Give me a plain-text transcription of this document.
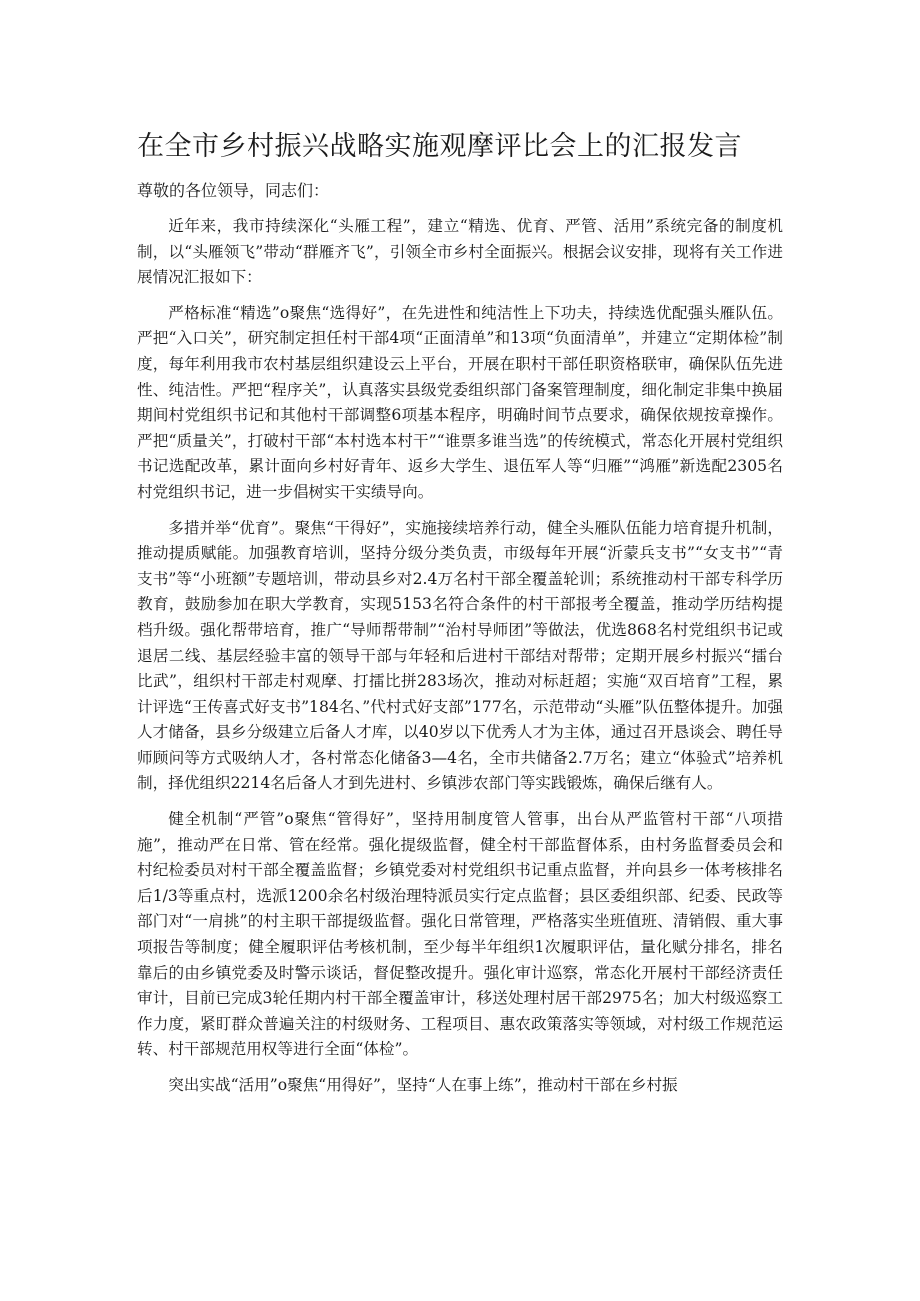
在全市乡村振兴战略实施观摩评比会上的汇报发言

尊敬的各位领导，同志们：

近年来，我市持续深化“头雁工程”，建立“精选、优育、严管、活用”系统完备的制度机制，以“头雁领飞”带动“群雁齐飞”，引领全市乡村全面振兴。根据会议安排，现将有关工作进展情况汇报如下：

严格标准“精选”o聚焦“选得好”，在先进性和纯洁性上下功夫，持续选优配强头雁队伍。严把“入口关”，研究制定担任村干部4项“正面清单”和13项“负面清单”，并建立“定期体检”制度，每年利用我市农村基层组织建设云上平台，开展在职村干部任职资格联审，确保队伍先进性、纯洁性。严把“程序关”，认真落实县级党委组织部门备案管理制度，细化制定非集中换届期间村党组织书记和其他村干部调整6项基本程序，明确时间节点要求，确保依规按章操作。严把“质量关”，打破村干部“本村选本村干”“谁票多谁当选”的传统模式，常态化开展村党组织书记选配改革，累计面向乡村好青年、返乡大学生、退伍军人等“归雁”“鸿雁”新选配2305名村党组织书记，进一步倡树实干实绩导向。

多措并举“优育”。聚焦“干得好”，实施接续培养行动，健全头雁队伍能力培育提升机制，推动提质赋能。加强教育培训，坚持分级分类负责，市级每年开展“沂蒙兵支书”“女支书”“青支书”等“小班额”专题培训，带动县乡对2.4万名村干部全覆盖轮训；系统推动村干部专科学历教育，鼓励参加在职大学教育，实现5153名符合条件的村干部报考全覆盖，推动学历结构提档升级。强化帮带培育，推广“导师帮带制”“治村导师团”等做法，优选868名村党组织书记或退居二线、基层经验丰富的领导干部与年轻和后进村干部结对帮带；定期开展乡村振兴“擂台比武”，组织村干部走村观摩、打擂比拼283场次，推动对标赶超；实施“双百培育”工程，累计评选“王传喜式好支书”184名、”代村式好支部”177名，示范带动“头雁”队伍整体提升。加强人才储备，县乡分级建立后备人才库，以40岁以下优秀人才为主体，通过召开恳谈会、聘任导师顾问等方式吸纳人才，各村常态化储备3—4名，全市共储备2.7万名；建立“体验式”培养机制，择优组织2214名后备人才到先进村、乡镇涉农部门等实践锻炼，确保后继有人。

健全机制“严管”o聚焦“管得好”，坚持用制度管人管事，出台从严监管村干部“八项措施”，推动严在日常、管在经常。强化提级监督，健全村干部监督体系，由村务监督委员会和村纪检委员对村干部全覆盖监督；乡镇党委对村党组织书记重点监督，并向县乡一体考核排名后1/3等重点村，选派1200余名村级治理特派员实行定点监督；县区委组织部、纪委、民政等部门对“一肩挑”的村主职干部提级监督。强化日常管理，严格落实坐班值班、清销假、重大事项报告等制度；健全履职评估考核机制，至少每半年组织1次履职评估，量化赋分排名，排名靠后的由乡镇党委及时警示谈话，督促整改提升。强化审计巡察，常态化开展村干部经济责任审计，目前已完成3轮任期内村干部全覆盖审计，移送处理村居干部2975名；加大村级巡察工作力度，紧盯群众普遍关注的村级财务、工程项目、惠农政策落实等领域，对村级工作规范运转、村干部规范用权等进行全面“体检”。

突出实战“活用”o聚焦“用得好”，坚持“人在事上练”，推动村干部在乡村振
